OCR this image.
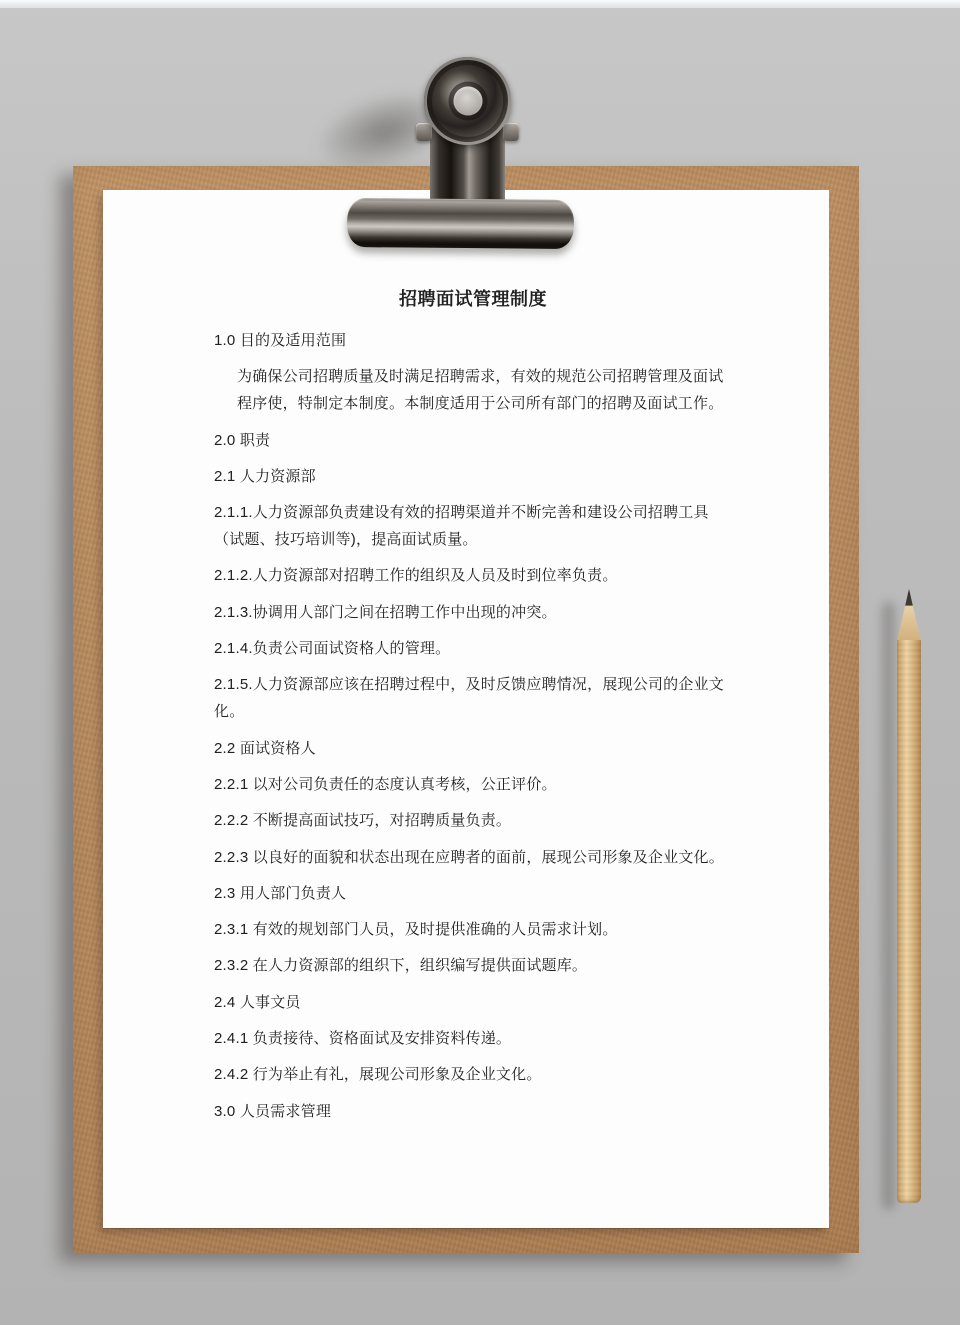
招聘面试管理制度

1.0 目的及适用范围

为确保公司招聘质量及时满足招聘需求，有效的规范公司招聘管理及面试程序使，特制定本制度。本制度适用于公司所有部门的招聘及面试工作。

2.0 职责

2.1 人力资源部

2.1.1.人力资源部负责建设有效的招聘渠道并不断完善和建设公司招聘工具（试题、技巧培训等)，提高面试质量。

2.1.2.人力资源部对招聘工作的组织及人员及时到位率负责。

2.1.3.协调用人部门之间在招聘工作中出现的冲突。

2.1.4.负责公司面试资格人的管理。

2.1.5.人力资源部应该在招聘过程中，及时反馈应聘情况，展现公司的企业文化。

2.2 面试资格人

2.2.1 以对公司负责任的态度认真考核，公正评价。

2.2.2 不断提高面试技巧，对招聘质量负责。

2.2.3 以良好的面貌和状态出现在应聘者的面前，展现公司形象及企业文化。

2.3 用人部门负责人

2.3.1 有效的规划部门人员，及时提供准确的人员需求计划。

2.3.2 在人力资源部的组织下，组织编写提供面试题库。

2.4 人事文员

2.4.1 负责接待、资格面试及安排资料传递。

2.4.2 行为举止有礼，展现公司形象及企业文化。

3.0 人员需求管理
